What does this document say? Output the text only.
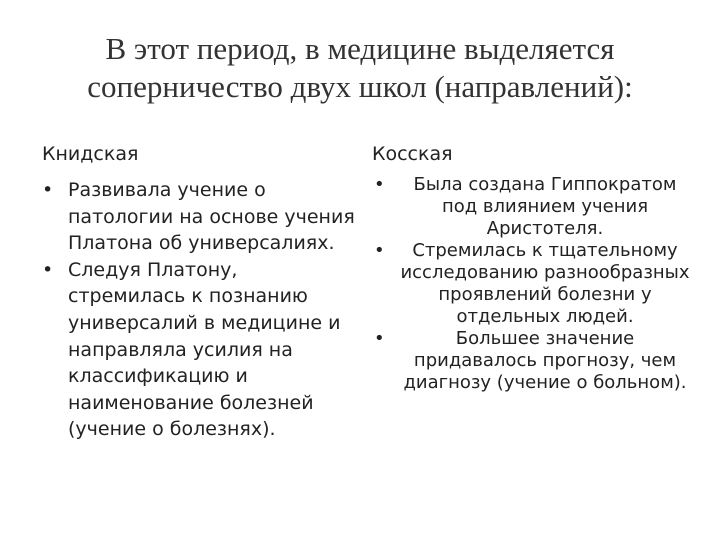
В этот период, в медицине выделяется
соперничество двух школ (направлений):
Книдская	Косская
• Развивала учение о патологии на основе учения Платона об универсалиях.
• Следуя Платону, стремилась к познанию универсалий в медицине и направляла усилия на классификацию и наименование болезней (учение о болезнях).
• Была создана Гиппократом под влиянием учения Аристотеля.
• Стремилась к тщательному исследованию разнообразных проявлений болезни у отдельных людей.
•	Большее значение придавалось прогнозу, чем диагнозу (учение о больном).
